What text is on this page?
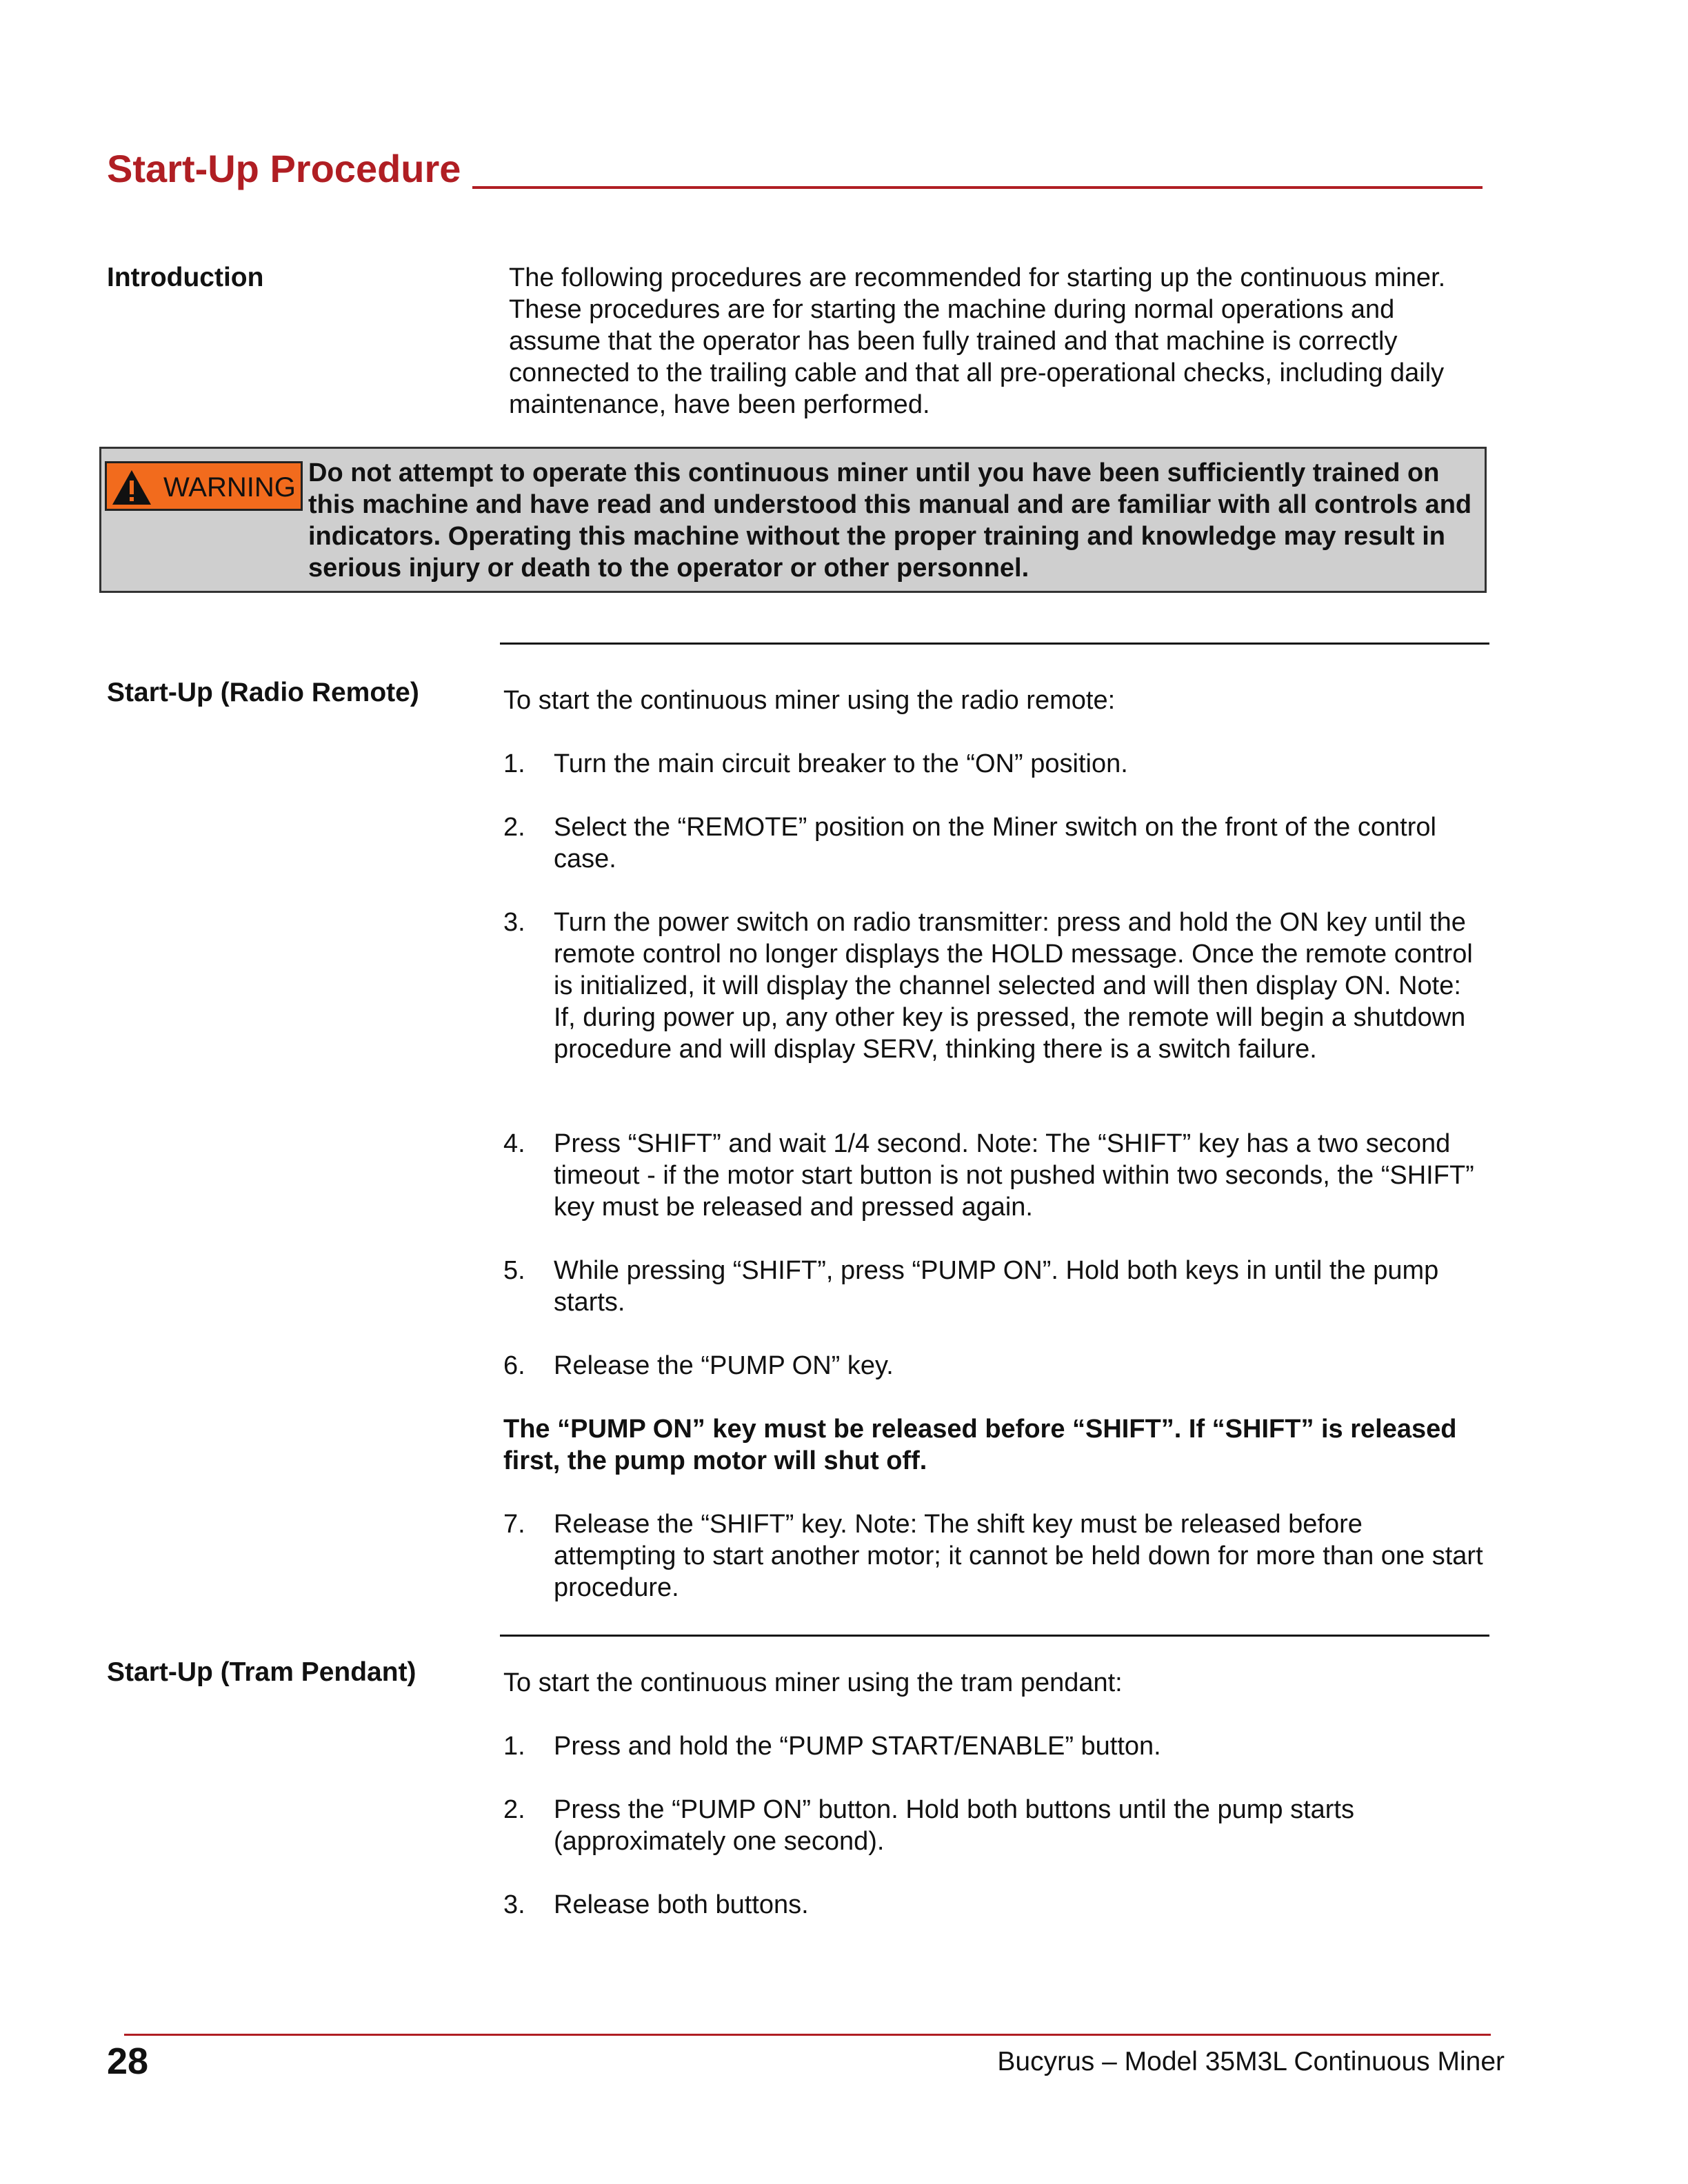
Start-Up Procedure
Introduction	The following procedures are recommended for starting up the continuous miner. These procedures are for starting the machine during normal operations and assume that the operator has been fully trained and that machine is correctly connected to the trailing cable and that all pre-operational checks, including daily maintenance, have been performed.
WARNING Do not attempt to operate this continuous miner until you have been sufficiently trained on this machine and have read and understood this manual and are familiar with all controls and indicators. Operating this machine without the proper training and knowledge may result in serious injury or death to the operator or other personnel.
Start-Up (Radio Remote)	To start the continuous miner using the radio remote:
1. Turn the main circuit breaker to the “ON” position.
2. Select the “REMOTE” position on the Miner switch on the front of the control case.
3. Turn the power switch on radio transmitter: press and hold the ON key until the remote control no longer displays the HOLD message. Once the remote control is initialized, it will display the channel selected and will then display ON. Note: If, during power up, any other key is pressed, the remote will begin a shutdown procedure and will display SERV, thinking there is a switch failure.
4. Press “SHIFT” and wait 1/4 second. Note: The “SHIFT” key has a two second timeout - if the motor start button is not pushed within two seconds, the “SHIFT” key must be released and pressed again.
5. While pressing “SHIFT”, press “PUMP ON”. Hold both keys in until the pump starts.
6. Release the “PUMP ON” key.
The “PUMP ON” key must be released before “SHIFT”. If “SHIFT” is released first, the pump motor will shut off.
7. Release the “SHIFT” key. Note: The shift key must be released before attempting to start another motor; it cannot be held down for more than one start procedure.
Start-Up (Tram Pendant)	To start the continuous miner using the tram pendant:
1. Press and hold the “PUMP START/ENABLE” button.
2. Press the “PUMP ON” button. Hold both buttons until the pump starts (approximately one second).
3. Release both buttons.
28	Bucyrus – Model 35M3L Continuous Miner
